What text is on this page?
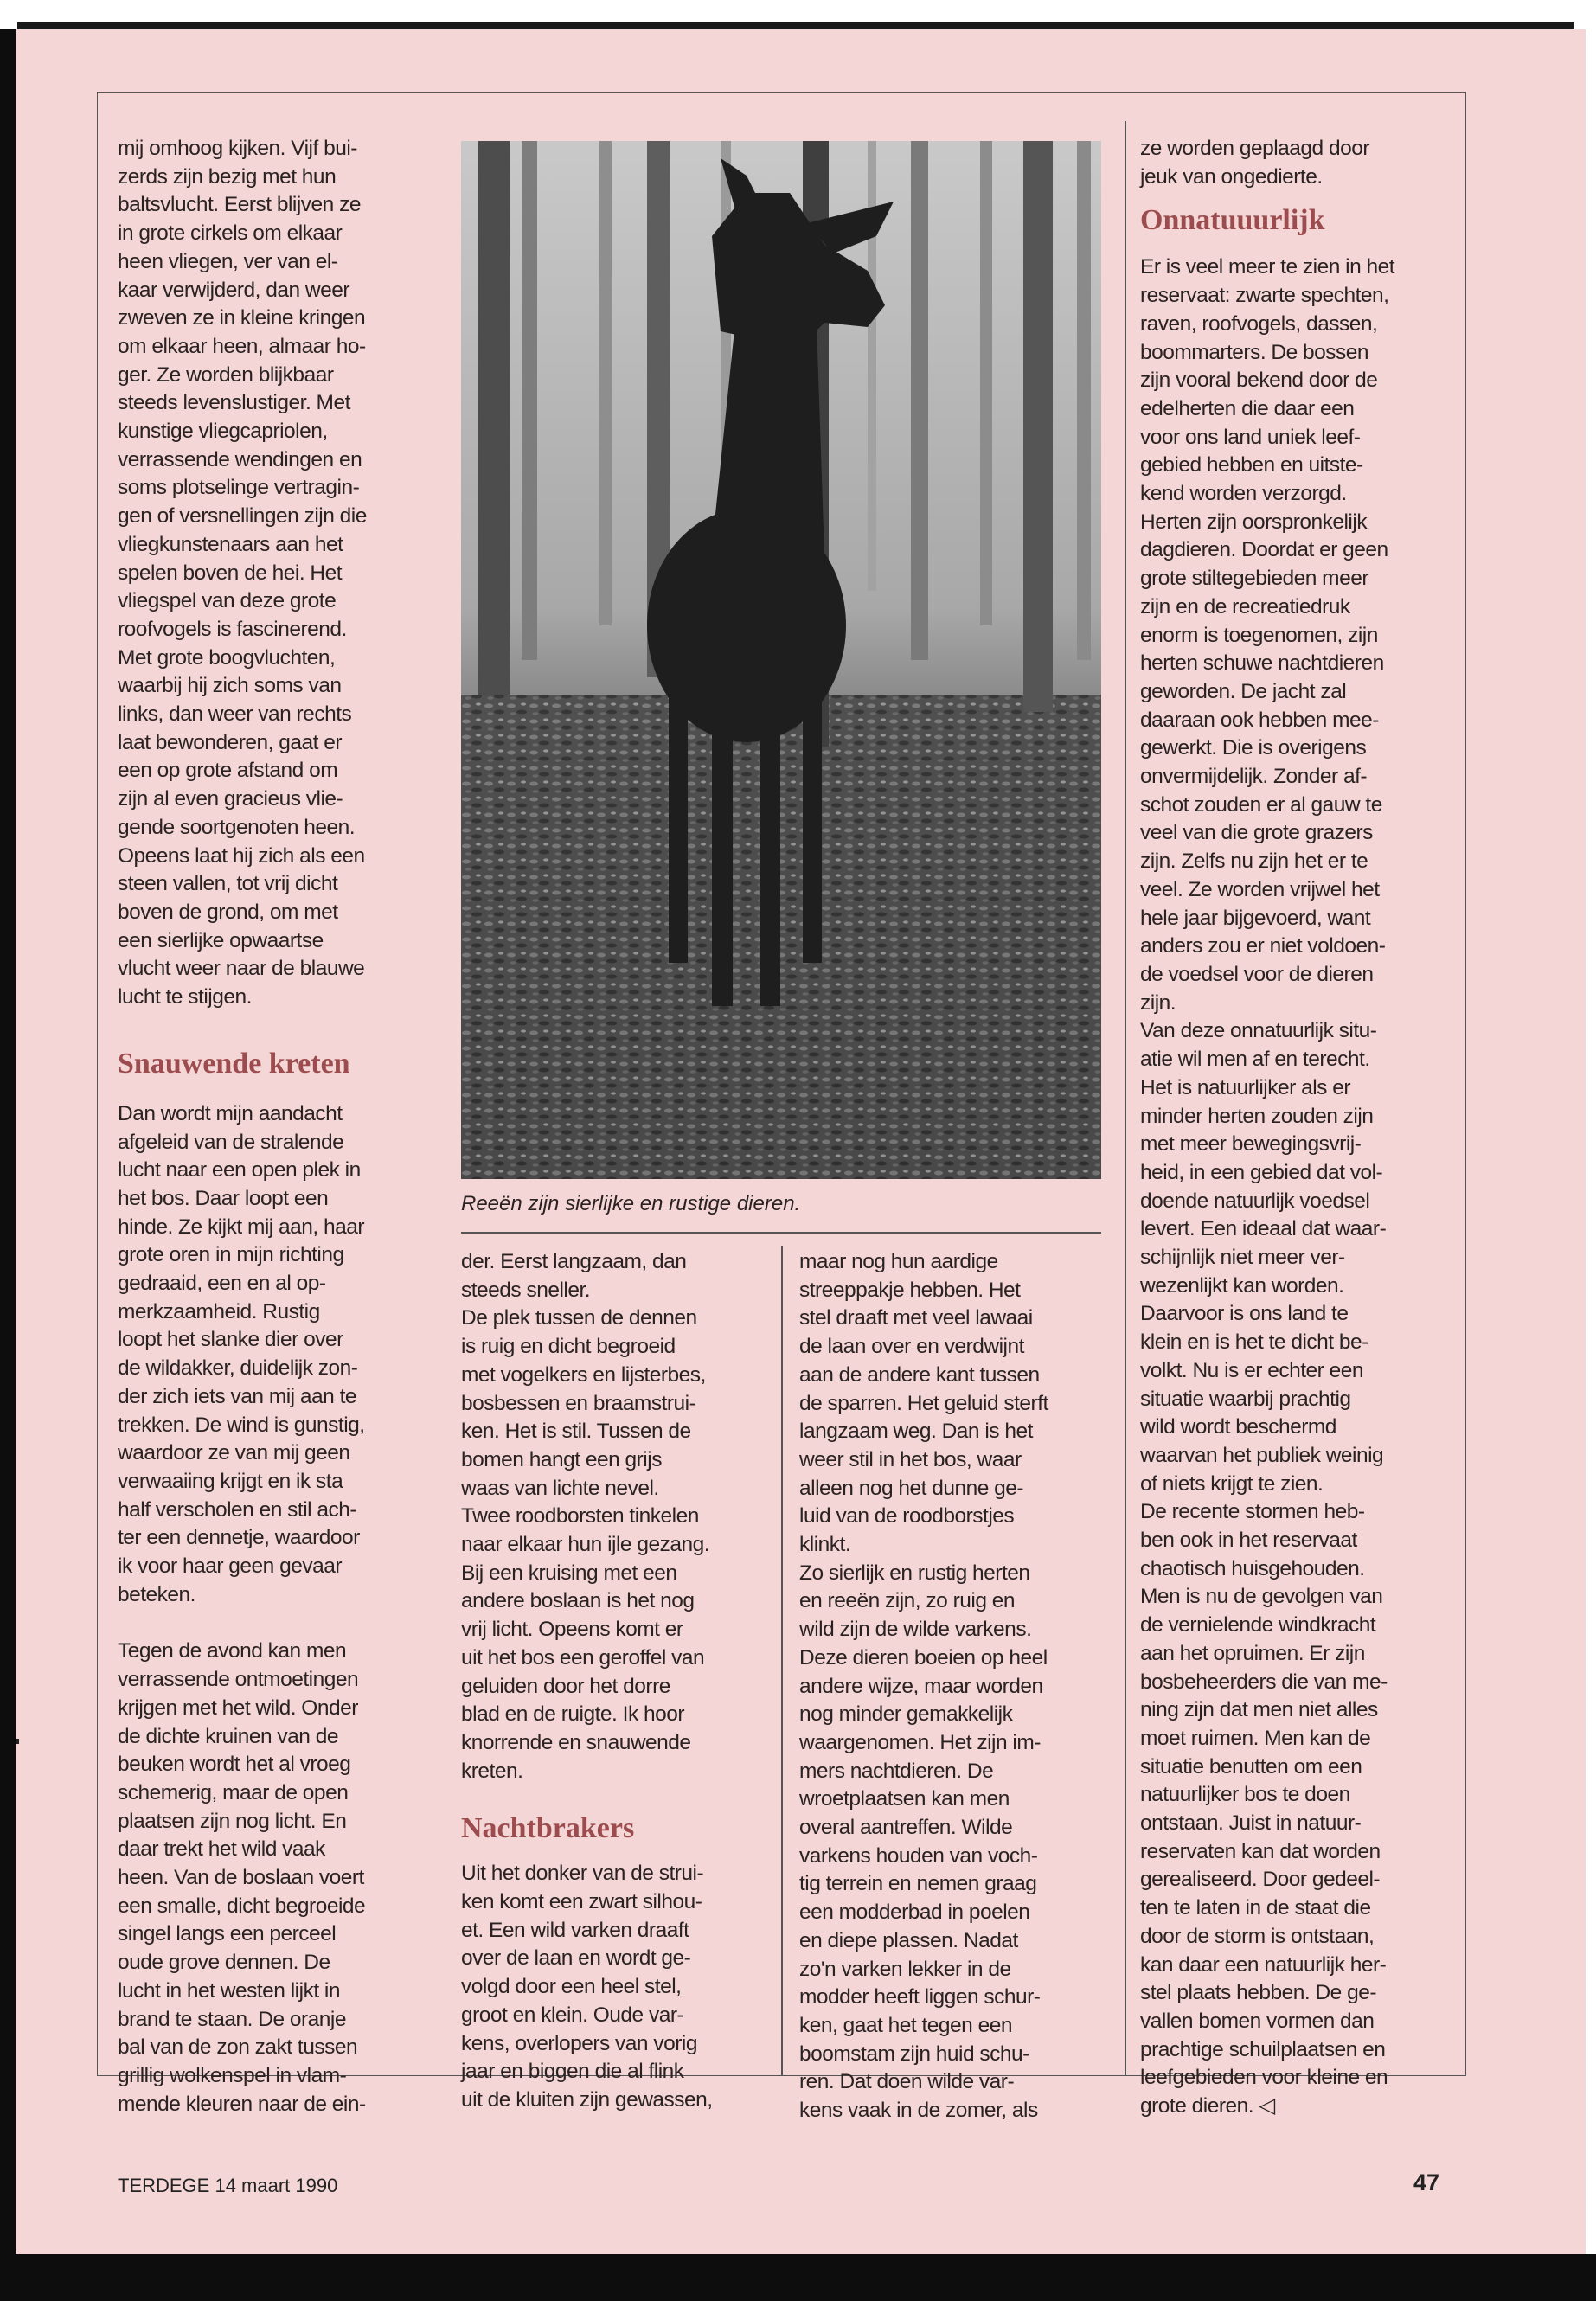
mij omhoog kijken. Vijf bui-

zerds zijn bezig met hun

baltsvlucht. Eerst blijven ze

in grote cirkels om elkaar

heen vliegen, ver van el-

kaar verwijderd, dan weer

zweven ze in kleine kringen

om elkaar heen, almaar ho-

ger. Ze worden blijkbaar

steeds levenslustiger. Met

kunstige vliegcapriolen,

verrassende wendingen en

soms plotselinge vertragin-

gen of versnellingen zijn die

vliegkunstenaars aan het

spelen boven de hei. Het

vliegspel van deze grote

roofvogels is fascinerend.

Met grote boogvluchten,

waarbij hij zich soms van

links, dan weer van rechts

laat bewonderen, gaat er

een op grote afstand om

zijn al even gracieus vlie-

gende soortgenoten heen.

Opeens laat hij zich als een

steen vallen, tot vrij dicht

boven de grond, om met

een sierlijke opwaartse

vlucht weer naar de blauwe

lucht te stijgen.

Snauwende kreten

Dan wordt mijn aandacht

afgeleid van de stralende

lucht naar een open plek in

het bos. Daar loopt een

hinde. Ze kijkt mij aan, haar

grote oren in mijn richting

gedraaid, een en al op-

merkzaamheid. Rustig

loopt het slanke dier over

de wildakker, duidelijk zon-

der zich iets van mij aan te

trekken. De wind is gunstig,

waardoor ze van mij geen

verwaaiing krijgt en ik sta

half verscholen en stil ach-

ter een dennetje, waardoor

ik voor haar geen gevaar

beteken.

Tegen de avond kan men

verrassende ontmoetingen

krijgen met het wild. Onder

de dichte kruinen van de

beuken wordt het al vroeg

schemerig, maar de open

plaatsen zijn nog licht. En

daar trekt het wild vaak

heen. Van de boslaan voert

een smalle, dicht begroeide

singel langs een perceel

oude grove dennen. De

lucht in het westen lijkt in

brand te staan. De oranje

bal van de zon zakt tussen

grillig wolkenspel in vlam-

mende kleuren naar de ein-

Reeën zijn sierlijke en rustige dieren.

der. Eerst langzaam, dan

steeds sneller.

De plek tussen de dennen

is ruig en dicht begroeid

met vogelkers en lijsterbes,

bosbessen en braamstrui-

ken. Het is stil. Tussen de

bomen hangt een grijs

waas van lichte nevel.

Twee roodborsten tinkelen

naar elkaar hun ijle gezang.

Bij een kruising met een

andere boslaan is het nog

vrij licht. Opeens komt er

uit het bos een geroffel van

geluiden door het dorre

blad en de ruigte. Ik hoor

knorrende en snauwende

kreten.

Nachtbrakers

Uit het donker van de strui-

ken komt een zwart silhou-

et. Een wild varken draaft

over de laan en wordt ge-

volgd door een heel stel,

groot en klein. Oude var-

kens, overlopers van vorig

jaar en biggen die al flink

uit de kluiten zijn gewassen,

maar nog hun aardige

streeppakje hebben. Het

stel draaft met veel lawaai

de laan over en verdwijnt

aan de andere kant tussen

de sparren. Het geluid sterft

langzaam weg. Dan is het

weer stil in het bos, waar

alleen nog het dunne ge-

luid van de roodborstjes

klinkt.

Zo sierlijk en rustig herten

en reeën zijn, zo ruig en

wild zijn de wilde varkens.

Deze dieren boeien op heel

andere wijze, maar worden

nog minder gemakkelijk

waargenomen. Het zijn im-

mers nachtdieren. De

wroetplaatsen kan men

overal aantreffen. Wilde

varkens houden van voch-

tig terrein en nemen graag

een modderbad in poelen

en diepe plassen. Nadat

zo'n varken lekker in de

modder heeft liggen schur-

ken, gaat het tegen een

boomstam zijn huid schu-

ren. Dat doen wilde var-

kens vaak in de zomer, als

ze worden geplaagd door

jeuk van ongedierte.

Onnatuuurlijk

Er is veel meer te zien in het

reservaat: zwarte spechten,

raven, roofvogels, dassen,

boommarters. De bossen

zijn vooral bekend door de

edelherten die daar een

voor ons land uniek leef-

gebied hebben en uitste-

kend worden verzorgd.

Herten zijn oorspronkelijk

dagdieren. Doordat er geen

grote stiltegebieden meer

zijn en de recreatiedruk

enorm is toegenomen, zijn

herten schuwe nachtdieren

geworden. De jacht zal

daaraan ook hebben mee-

gewerkt. Die is overigens

onvermijdelijk. Zonder af-

schot zouden er al gauw te

veel van die grote grazers

zijn. Zelfs nu zijn het er te

veel. Ze worden vrijwel het

hele jaar bijgevoerd, want

anders zou er niet voldoen-

de voedsel voor de dieren

zijn.

Van deze onnatuurlijk situ-

atie wil men af en terecht.

Het is natuurlijker als er

minder herten zouden zijn

met meer bewegingsvrij-

heid, in een gebied dat vol-

doende natuurlijk voedsel

levert. Een ideaal dat waar-

schijnlijk niet meer ver-

wezenlijkt kan worden.

Daarvoor is ons land te

klein en is het te dicht be-

volkt. Nu is er echter een

situatie waarbij prachtig

wild wordt beschermd

waarvan het publiek weinig

of niets krijgt te zien.

De recente stormen heb-

ben ook in het reservaat

chaotisch huisgehouden.

Men is nu de gevolgen van

de vernielende windkracht

aan het opruimen. Er zijn

bosbeheerders die van me-

ning zijn dat men niet alles

moet ruimen. Men kan de

situatie benutten om een

natuurlijker bos te doen

ontstaan. Juist in natuur-

reservaten kan dat worden

gerealiseerd. Door gedeel-

ten te laten in de staat die

door de storm is ontstaan,

kan daar een natuurlijk her-

stel plaats hebben. De ge-

vallen bomen vormen dan

prachtige schuilplaatsen en

leefgebieden voor kleine en

grote dieren. ◁

TERDEGE 14 maart 1990	47
